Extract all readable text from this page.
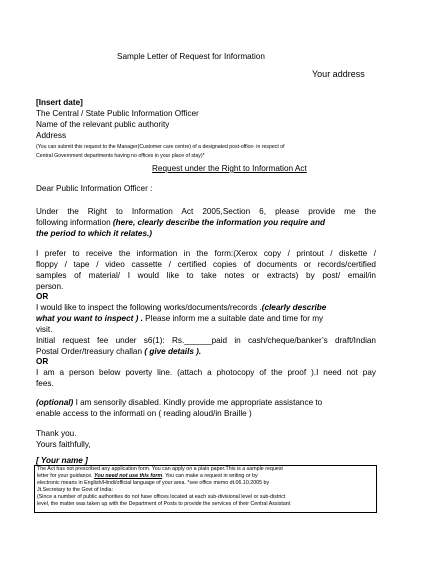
Sample Letter of Request for Information
Your address
[Insert date]
The Central / State Public Information Officer
Name of the relevant public authority
Address
(You can submit this request to the Manager(Customer care centre) of a designated post-office- in respect of
Central Government departments having no offices in your place of stay)*
Request under the Right to Information Act
Dear Public Information Officer :
Under the Right to Information Act 2005,Section 6, please provide me the
following information (here, clearly describe the information you require and
the period to which it relates.)
I prefer to receive the information in the form:(Xerox copy / printout / diskette /
floppy / tape / video cassette / certified copies of documents or records/certified
samples of material/ I would like to take notes or extracts) by post/ email/in
person.
OR
I would like to inspect the following works/documents/records .(clearly describe
what you want to inspect ) . Please inform me a suitable date and time for my
visit.
Initial request fee under s6(1): Rs.______paid in cash/cheque/banker’s draft/Indian
Postal Order/treasury challan ( give details ).
OR
I am a person below poverty line. (attach a photocopy of the proof ).I need not pay
fees.
(optional) I am sensorily disabled. Kindly provide me appropriate assistance to
enable access to the informati on ( reading aloud/in Braille )
Thank you.
Yours faithfully,
[ Your name ]
The Act has not prescribed any application form. You can apply on a plain paper.This is a sample request
letter for your guidance. You need not use this form. You can make a request in writing or by
electronic means in English/Hindi/official language of your area. *see office memo dt.06.10.2005 by
Jt.Secretary to the Govt of India:
(Since a number of public authorities do not have offices located at each sub-divisional level or sub-district
level, the matter was taken up with the Department of Posts to provide the services of their Central Assistant
